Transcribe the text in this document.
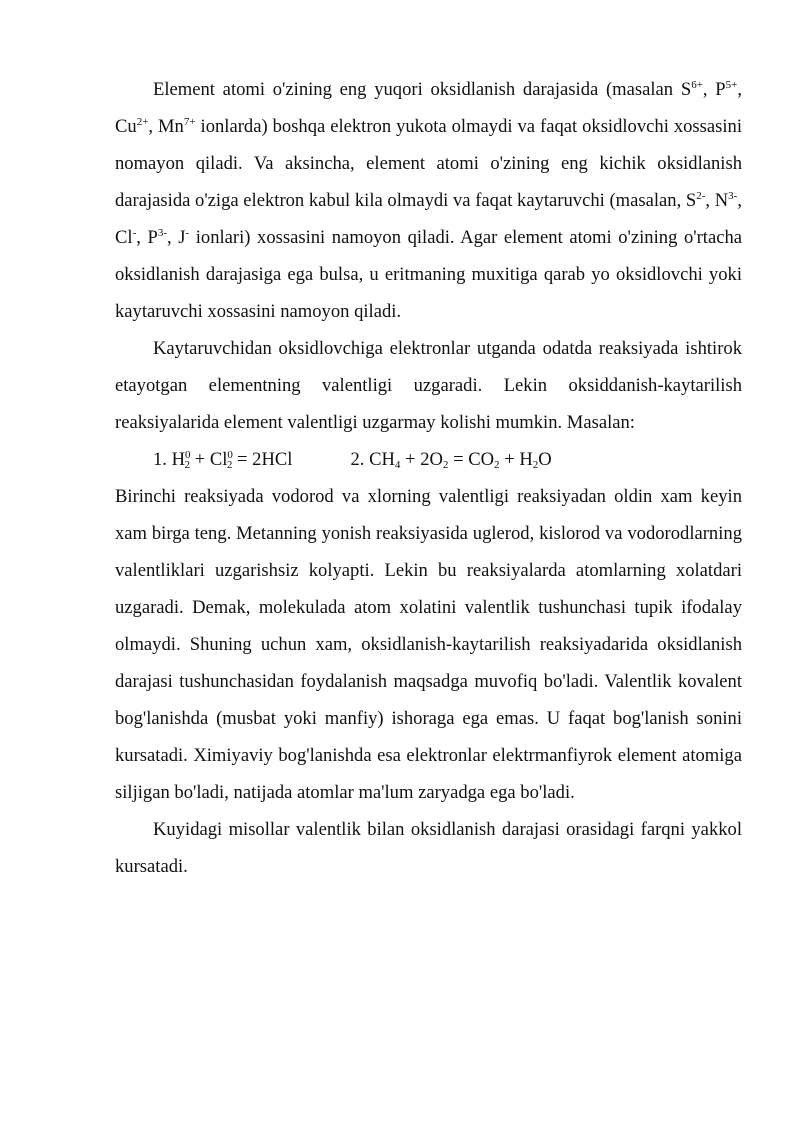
Element atomi o'zining eng yuqori oksidlanish darajasida (masalan $S^{6+}$, $P^{5+}$, $Cu^{2+}$, $Mn^{7+}$ ionlarda) boshqa elektron yukota olmaydi va faqat oksidlovchi xossasini nomayon qiladi. Va aksincha, element atomi o'zining eng kichik oksidlanish darajasida o'ziga elektron kabul kila olmaydi va faqat kaytaruvchi (masalan, $S^{2-}$, $N^{3-}$, Cl-, $P^{3-}$, J- ionlari) xossasini namoyon qiladi. Agar element atomi o'zining o'rtacha oksidlanish darajasiga ega bulsa, u eritmaning muxitiga qarab yo oksidlovchi yoki kaytaruvchi xossasini namoyon qiladi.

Kaytaruvchidan oksidlovchiga elektronlar utganda odatda reaksiyada ishtirok etayotgan elementning valentligi uzgaradi. Lekin oksiddanish-kaytarilish reaksiyalarida element valentligi uzgarmay kolishi mumkin. Masalan:

1. $H^0_2 + Cl^0_2 = 2HCl$	2. $CH_4 + 2O_2 = CO_2 + H_2O$

Birinchi reaksiyada vodorod va xlorning valentligi reaksiyadan oldin xam keyin xam birga teng. Metanning yonish reaksiyasida uglerod, kislorod va vodorodlarning valentliklari uzgarishsiz kolyapti. Lekin bu reaksiyalarda atomlarning xolatdari uzgaradi. Demak, molekulada atom xolatini valentlik tushunchasi tupik ifodalay olmaydi. Shuning uchun xam, oksidlanish-kaytarilish reaksiyadarida oksidlanish darajasi tushunchasidan foydalanish maqsadga muvofiq bo'ladi. Valentlik kovalent bog'lanishda (musbat yoki manfiy) ishoraga ega emas. U faqat bog'lanish sonini kursatadi. Ximiyaviy bog'lanishda esa elektronlar elektrmanfiyrok element atomiga siljigan bo'ladi, natijada atomlar ma'lum zaryadga ega bo'ladi.

Kuyidagi misollar valentlik bilan oksidlanish darajasi orasidagi farqni yakkol kursatadi.
